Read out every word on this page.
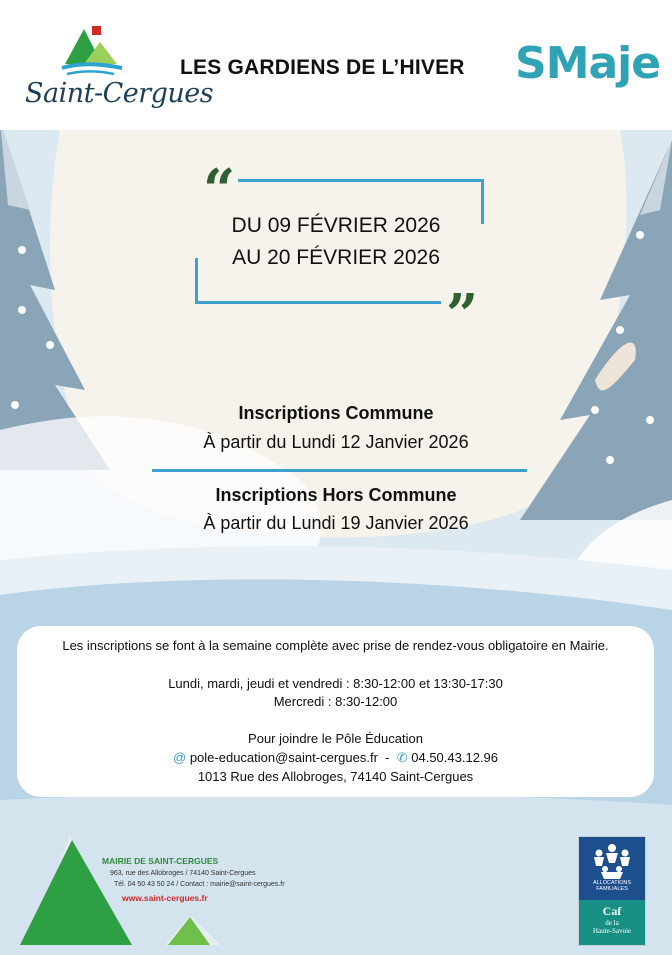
Saint-Cergues
LES GARDIENS DE L’HIVER SMaje
“
”
DU 09 FÉVRIER 2026
AU 20 FÉVRIER 2026
Inscriptions Commune
À partir du Lundi 12 Janvier 2026
Inscriptions Hors Commune
À partir du Lundi 19 Janvier 2026
Les inscriptions se font à la semaine complète avec prise de rendez-vous obligatoire en Mairie.
Lundi, mardi, jeudi et vendredi : 8:30-12:00 et 13:30-17:30
Mercredi : 8:30-12:00
Pour joindre le Pôle Éducation
@ pole-education@saint-cergues.fr - ✆ 04.50.43.12.96
1013 Rue des Allobroges, 74140 Saint-Cergues
MAIRIE DE SAINT-CERGUES
963, rue des Allobroges / 74140 Saint-Cergues
Tél. 04 50 43 50 24 / Contact : mairie@saint-cergues.fr
www.saint-cergues.fr
ALLOCATIONS
FAMILIALES
Caf
de la
Haute-Savoie
